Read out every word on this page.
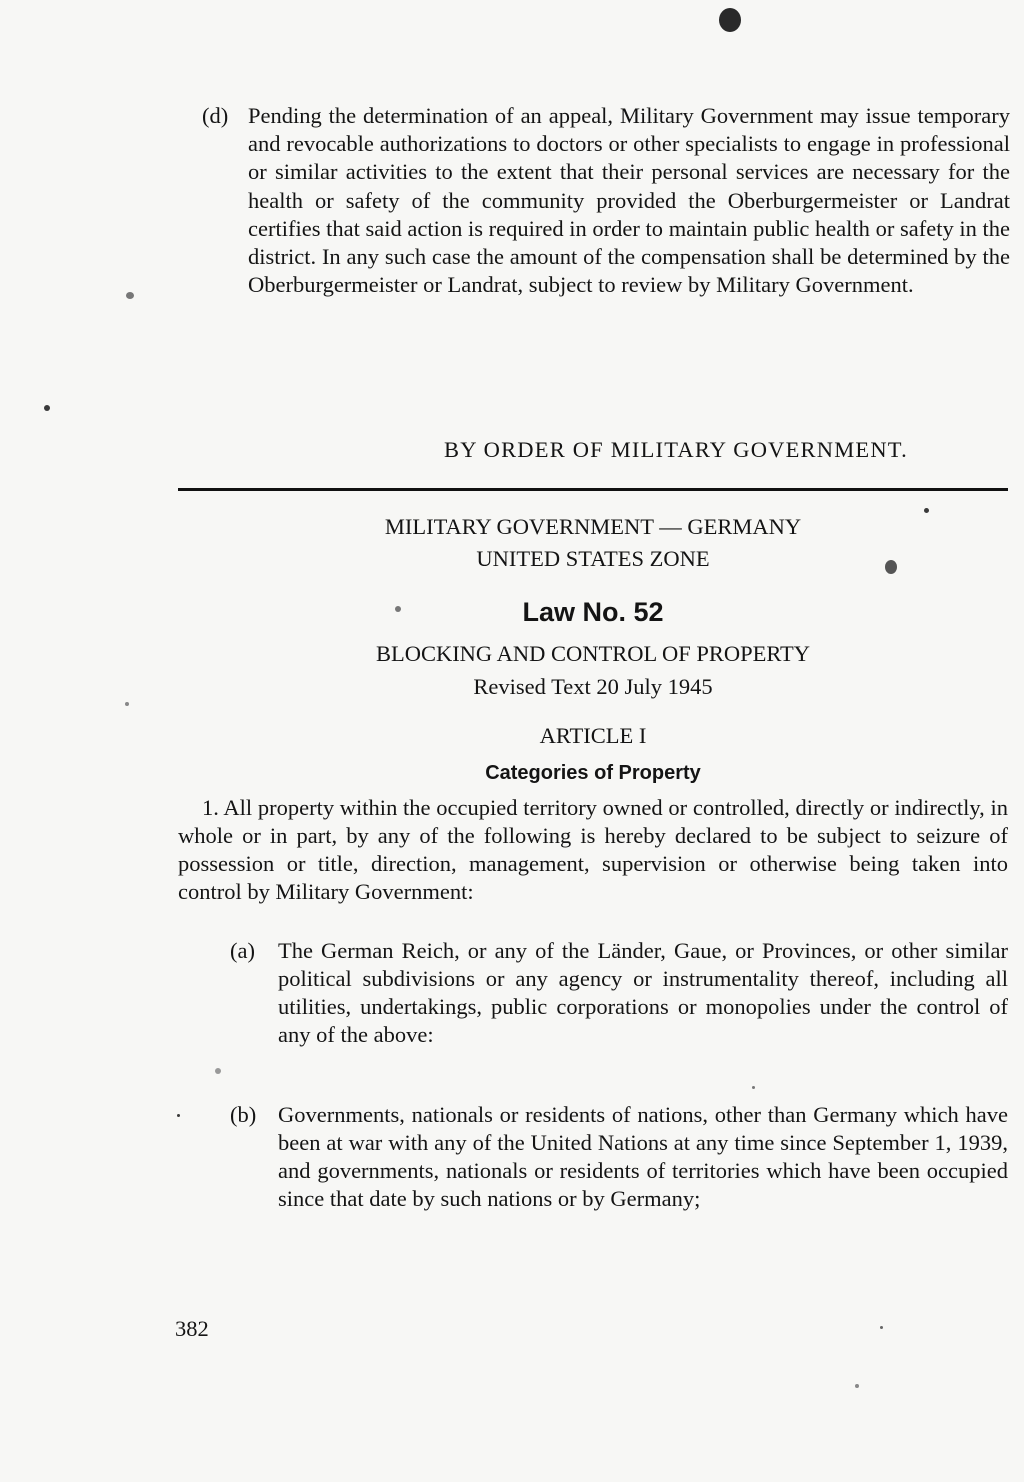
(d) Pending the determination of an appeal, Military Government may issue temporary and revocable authorizations to doctors or other specialists to engage in professional or similar activities to the extent that their personal services are necessary for the health or safety of the community provided the Oberburgermeister or Landrat certifies that said action is required in order to maintain public health or safety in the district. In any such case the amount of the compensation shall be determined by the Oberburgermeister or Landrat, subject to review by Military Government.
BY ORDER OF MILITARY GOVERNMENT.
MILITARY GOVERNMENT — GERMANY
UNITED STATES ZONE
Law No. 52
BLOCKING AND CONTROL OF PROPERTY
Revised Text 20 July 1945
ARTICLE I
Categories of Property
1. All property within the occupied territory owned or controlled, directly or indirectly, in whole or in part, by any of the following is hereby declared to be subject to seizure of possession or title, direction, management, supervision or otherwise being taken into control by Military Government:
(a)	The German Reich, or any of the Länder, Gaue, or Provinces, or other similar political subdivisions or any agency or instrumentality thereof, including all utilities, undertakings, public corporations or monopolies under the control of any of the above:
(b) Governments, nationals or residents of nations, other than Germany which have been at war with any of the United Nations at any time since September 1, 1939, and governments, nationals or residents of territories which have been occupied since that date by such nations or by Germany;
382
